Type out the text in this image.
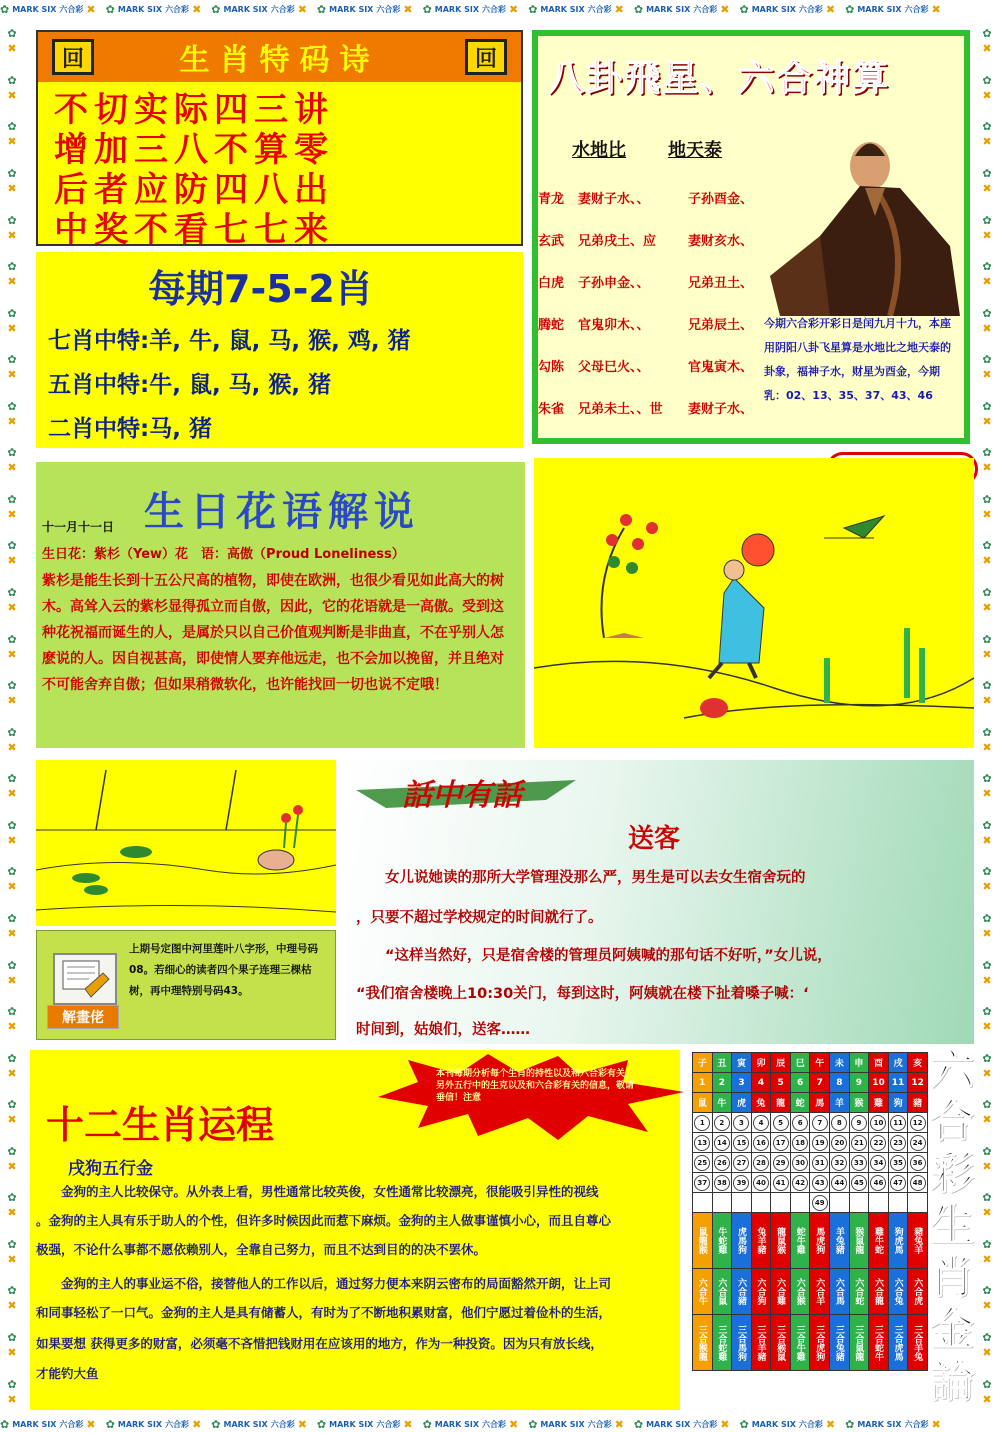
✿ MARK SIX 六合彩 ✖ ✿ MARK SIX 六合彩 ✖ ✿ MARK SIX 六合彩 ✖ ✿ MARK SIX 六合彩 ✖ ✿ MARK SIX 六合彩 ✖ ✿ MARK SIX 六合彩 ✖ ✿ MARK SIX 六合彩 ✖ ✿ MARK SIX 六合彩 ✖ ✿ MARK SIX 六合彩 ✖
✿ MARK SIX 六合彩 ✖ ✿ MARK SIX 六合彩 ✖ ✿ MARK SIX 六合彩 ✖ ✿ MARK SIX 六合彩 ✖ ✿ MARK SIX 六合彩 ✖ ✿ MARK SIX 六合彩 ✖ ✿ MARK SIX 六合彩 ✖ ✿ MARK SIX 六合彩 ✖ ✿ MARK SIX 六合彩 ✖
✿
✖
✿
✖
✿
✖
✿
✖
✿
✖
✿
✖
✿
✖
✿
✖
✿
✖
✿
✖
✿
✖
✿
✖
✿
✖
✿
✖
✿
✖
✿
✖
✿
✖
✿
✖
✿
✖
✿
✖
✿
✖
✿
✖
✿
✖
✿
✖
✿
✖
✿
✖
✿
✖
✿
✖
✿
✖
✿
✖
✿
✖
✿
✖
✿
✖
✿
✖
✿
✖
✿
✖
✿
✖
✿
✖
✿
✖
✿
✖
✿
✖
✿
✖
✿
✖
✿
✖
✿
✖
✿
✖
✿
✖
✿
✖
✿
✖
✿
✖
✿
✖
✿
✖
✿
✖
✿
✖
✿
✖
✿
✖
✿
✖
✿
✖
✿
✖
✿
✖
回	生肖特码诗	回
不切实际四三讲
增加三八不算零
后者应防四八出
中奖不看七七来
每期7-5-2肖
七肖中特:羊, 牛, 鼠, 马, 猴, 鸡, 猪
五肖中特:牛, 鼠, 马, 猴, 猪
二肖中特:马, 猪
八卦飛星、六合神算
水地比 地天泰
青龙 妻财子水、、	子孙酉金、
玄武 兄弟戌土、应 妻财亥水、
白虎 子孙申金、、	兄弟丑土、
腾蛇 官鬼卯木、、	兄弟辰土、
勾陈 父母巳火、、	官鬼寅木、
朱雀 兄弟未土、、世 妻财子水、
今期六合彩开彩日是闰九月十九，本座用阴阳八卦飞星算是水地比之地天泰的卦象，福神子水，财星为酉金，今期乳：02、13、35、37、43、46
生日花语解说
十一月十一日
生日花：紫杉（Yew）花　语：高傲（Proud Loneliness）
紫杉是能生长到十五公尺高的植物，即使在欧洲，也很少看见如此高大的树木。高耸入云的紫杉显得孤立而自傲，因此，它的花语就是一高傲。受到这种花祝福而诞生的人，是属於只以自己价值观判断是非曲直，不在乎别人怎麽说的人。因自视甚高，即使情人要弃他远走，也不会加以挽留，并且绝对不可能舍弃自傲；但如果稍微软化，也许能找回一切也说不定哦！
解畫佬
上期号定图中河里莲叶八字形，中理号码08。若细心的读者四个果子连理三棵枯树，再中理特别号码43。
話中有話
送客
　　女儿说她读的那所大学管理没那么严，男生是可以去女生宿舍玩的
，只要不超过学校规定的时间就行了。
　　“这样当然好，只是宿舍楼的管理员阿姨喊的那句话不好听，”女儿说，
“我们宿舍楼晚上10:30关门，每到这时，阿姨就在楼下扯着嗓子喊：‘
时间到，姑娘们，送客……
十二生肖运程
戌狗五行金
　　金狗的主人比较保守。从外表上看，男性通常比较英俊，女性通常比较漂亮，很能吸引异性的视线
。金狗的主人具有乐于助人的个性，但许多时候因此而惹下麻烦。金狗的主人做事谨慎小心，而且自尊心
极强，不论什么事都不愿依赖别人，全靠自己努力，而且不达到目的的决不罢休。
　　金狗的主人的事业运不俗，接替他人的工作以后，通过努力便本来阴云密布的局面豁然开朗，让上司
和同事轻松了一口气。金狗的主人是具有储蓄人，有时为了不断地积累财富，他们宁愿过着俭朴的生活，
如果要想 获得更多的财富，必须毫不吝惜把钱财用在应该用的地方，作为一种投资。因为只有放长线，
才能钓大鱼
本刊每期分析每个生肖的持性以及和六合彩有关，另外五行中的生克以及和六合彩有关的信息，敬请垂信！注意
子	丑	寅	卯	辰	巳	午	未	申	酉	戌	亥
1	2	3	4	5	6	7	8	9	10	11	12
鼠	牛	虎	兔	龍	蛇	馬	羊	猴	雞	狗	豬
1	2	3	4	5	6	7	8	9	10	11	12
13	14	15	16	17	18	19	20	21	22	23	24
25	26	27	28	29	30	31	32	33	34	35	36
37	38	39	40	41	42	43	44	45	46	47	48
						49					
鼠龍猴	牛蛇雞	虎馬狗	兔羊豬	龍鼠猴	蛇牛雞	馬虎狗	羊兔豬	猴鼠龍	雞牛蛇	狗虎馬	豬兔羊
六合牛	六合鼠	六合豬	六合狗	六合雞	六合猴	六合羊	六合馬	六合蛇	六合龍	六合兔	六合虎
三合猴龍	三合蛇雞	三合馬狗	三合羊豬	三合猴鼠	三合牛雞	三合虎狗	三合兔豬	三合鼠龍	三合蛇牛	三合虎馬	三合羊兔
六
合
彩
生
肖
金
論
